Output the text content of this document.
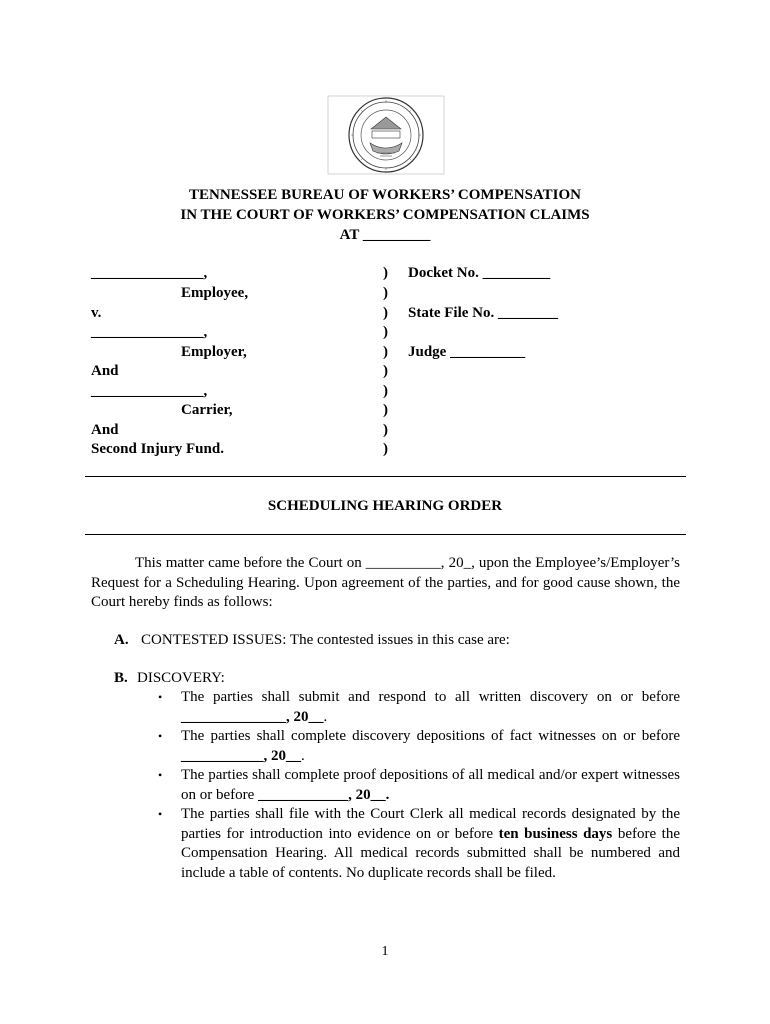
TENNESSEE BUREAU OF WORKERS’ COMPENSATION
IN THE COURT OF WORKERS’ COMPENSATION CLAIMS
AT _________
_______________,
Employee,
v.
_______________,
Employer,
And
_______________,
Carrier,
And
Second Injury Fund.
)
)
)
)
)
)
)
)
)
)
Docket No. _________
State File No. ________
Judge __________
SCHEDULING HEARING ORDER
This matter came before the Court on __________, 20_, upon the Employee’s/Employer’s Request for a Scheduling Hearing. Upon agreement of the parties, and for good cause shown, the Court hereby finds as follows:
A. CONTESTED ISSUES: The contested issues in this case are:
B. DISCOVERY:
• The parties shall submit and respond to all written discovery on or before ______________, 20__.
• The parties shall complete discovery depositions of fact witnesses on or before ___________, 20__.
• The parties shall complete proof depositions of all medical and/or expert witnesses on or before ____________, 20__.
• The parties shall file with the Court Clerk all medical records designated by the parties for introduction into evidence on or before ten business days before the Compensation Hearing. All medical records submitted shall be numbered and include a table of contents. No duplicate records shall be filed.
1
